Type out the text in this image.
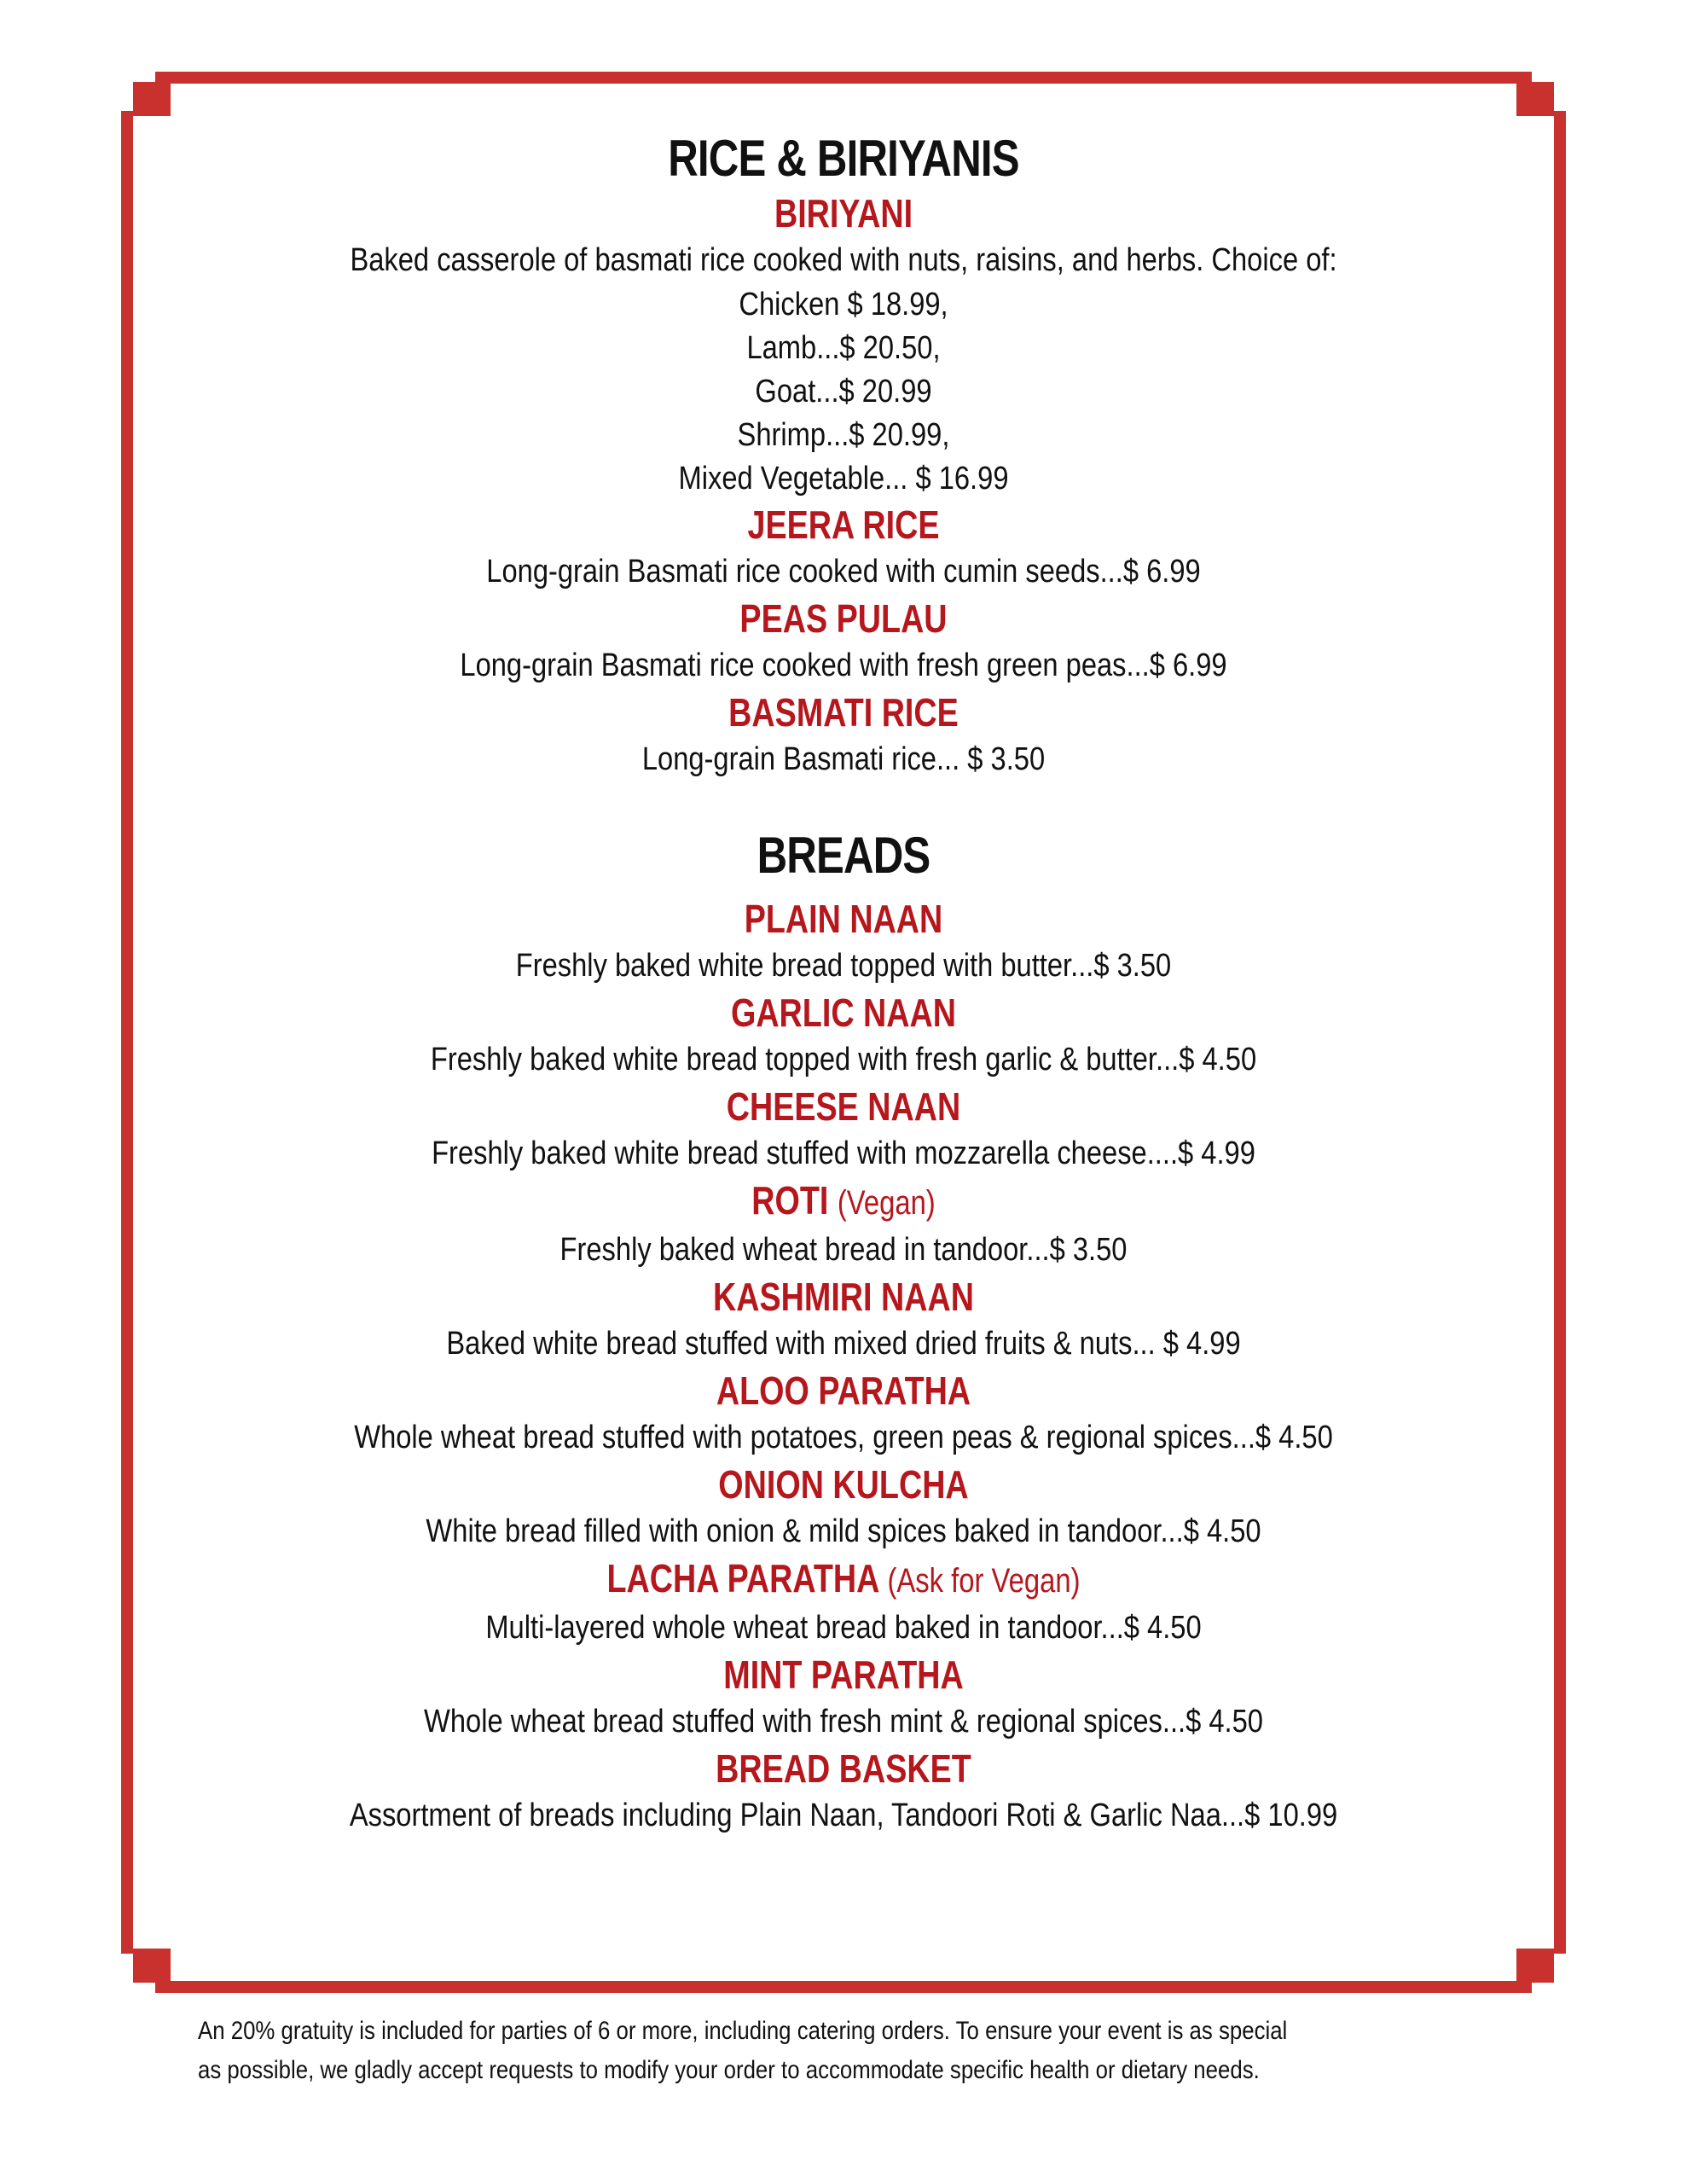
RICE & BIRIYANIS
BIRIYANI
Baked casserole of basmati rice cooked with nuts, raisins, and herbs. Choice of:
Chicken $ 18.99,
Lamb...$ 20.50,
Goat...$ 20.99
Shrimp...$ 20.99,
Mixed Vegetable... $ 16.99
JEERA RICE
Long-grain Basmati rice cooked with cumin seeds...$ 6.99
PEAS PULAU
Long-grain Basmati rice cooked with fresh green peas...$ 6.99
BASMATI RICE
Long-grain Basmati rice... $ 3.50
BREADS
PLAIN NAAN
Freshly baked white bread topped with butter...$ 3.50
GARLIC NAAN
Freshly baked white bread topped with fresh garlic & butter...$ 4.50
CHEESE NAAN
Freshly baked white bread stuffed with mozzarella cheese....$ 4.99
ROTI (Vegan)
Freshly baked wheat bread in tandoor...$ 3.50
KASHMIRI NAAN
Baked white bread stuffed with mixed dried fruits & nuts... $ 4.99
ALOO PARATHA
Whole wheat bread stuffed with potatoes, green peas & regional spices...$ 4.50
ONION KULCHA
White bread filled with onion & mild spices baked in tandoor...$ 4.50
LACHA PARATHA (Ask for Vegan)
Multi-layered whole wheat bread baked in tandoor...$ 4.50
MINT PARATHA
Whole wheat bread stuffed with fresh mint & regional spices...$ 4.50
BREAD BASKET
Assortment of breads including Plain Naan, Tandoori Roti & Garlic Naa...$ 10.99
An 20% gratuity is included for parties of 6 or more, including catering orders. To ensure your event is as special as possible, we gladly accept requests to modify your order to accommodate specific health or dietary needs.
